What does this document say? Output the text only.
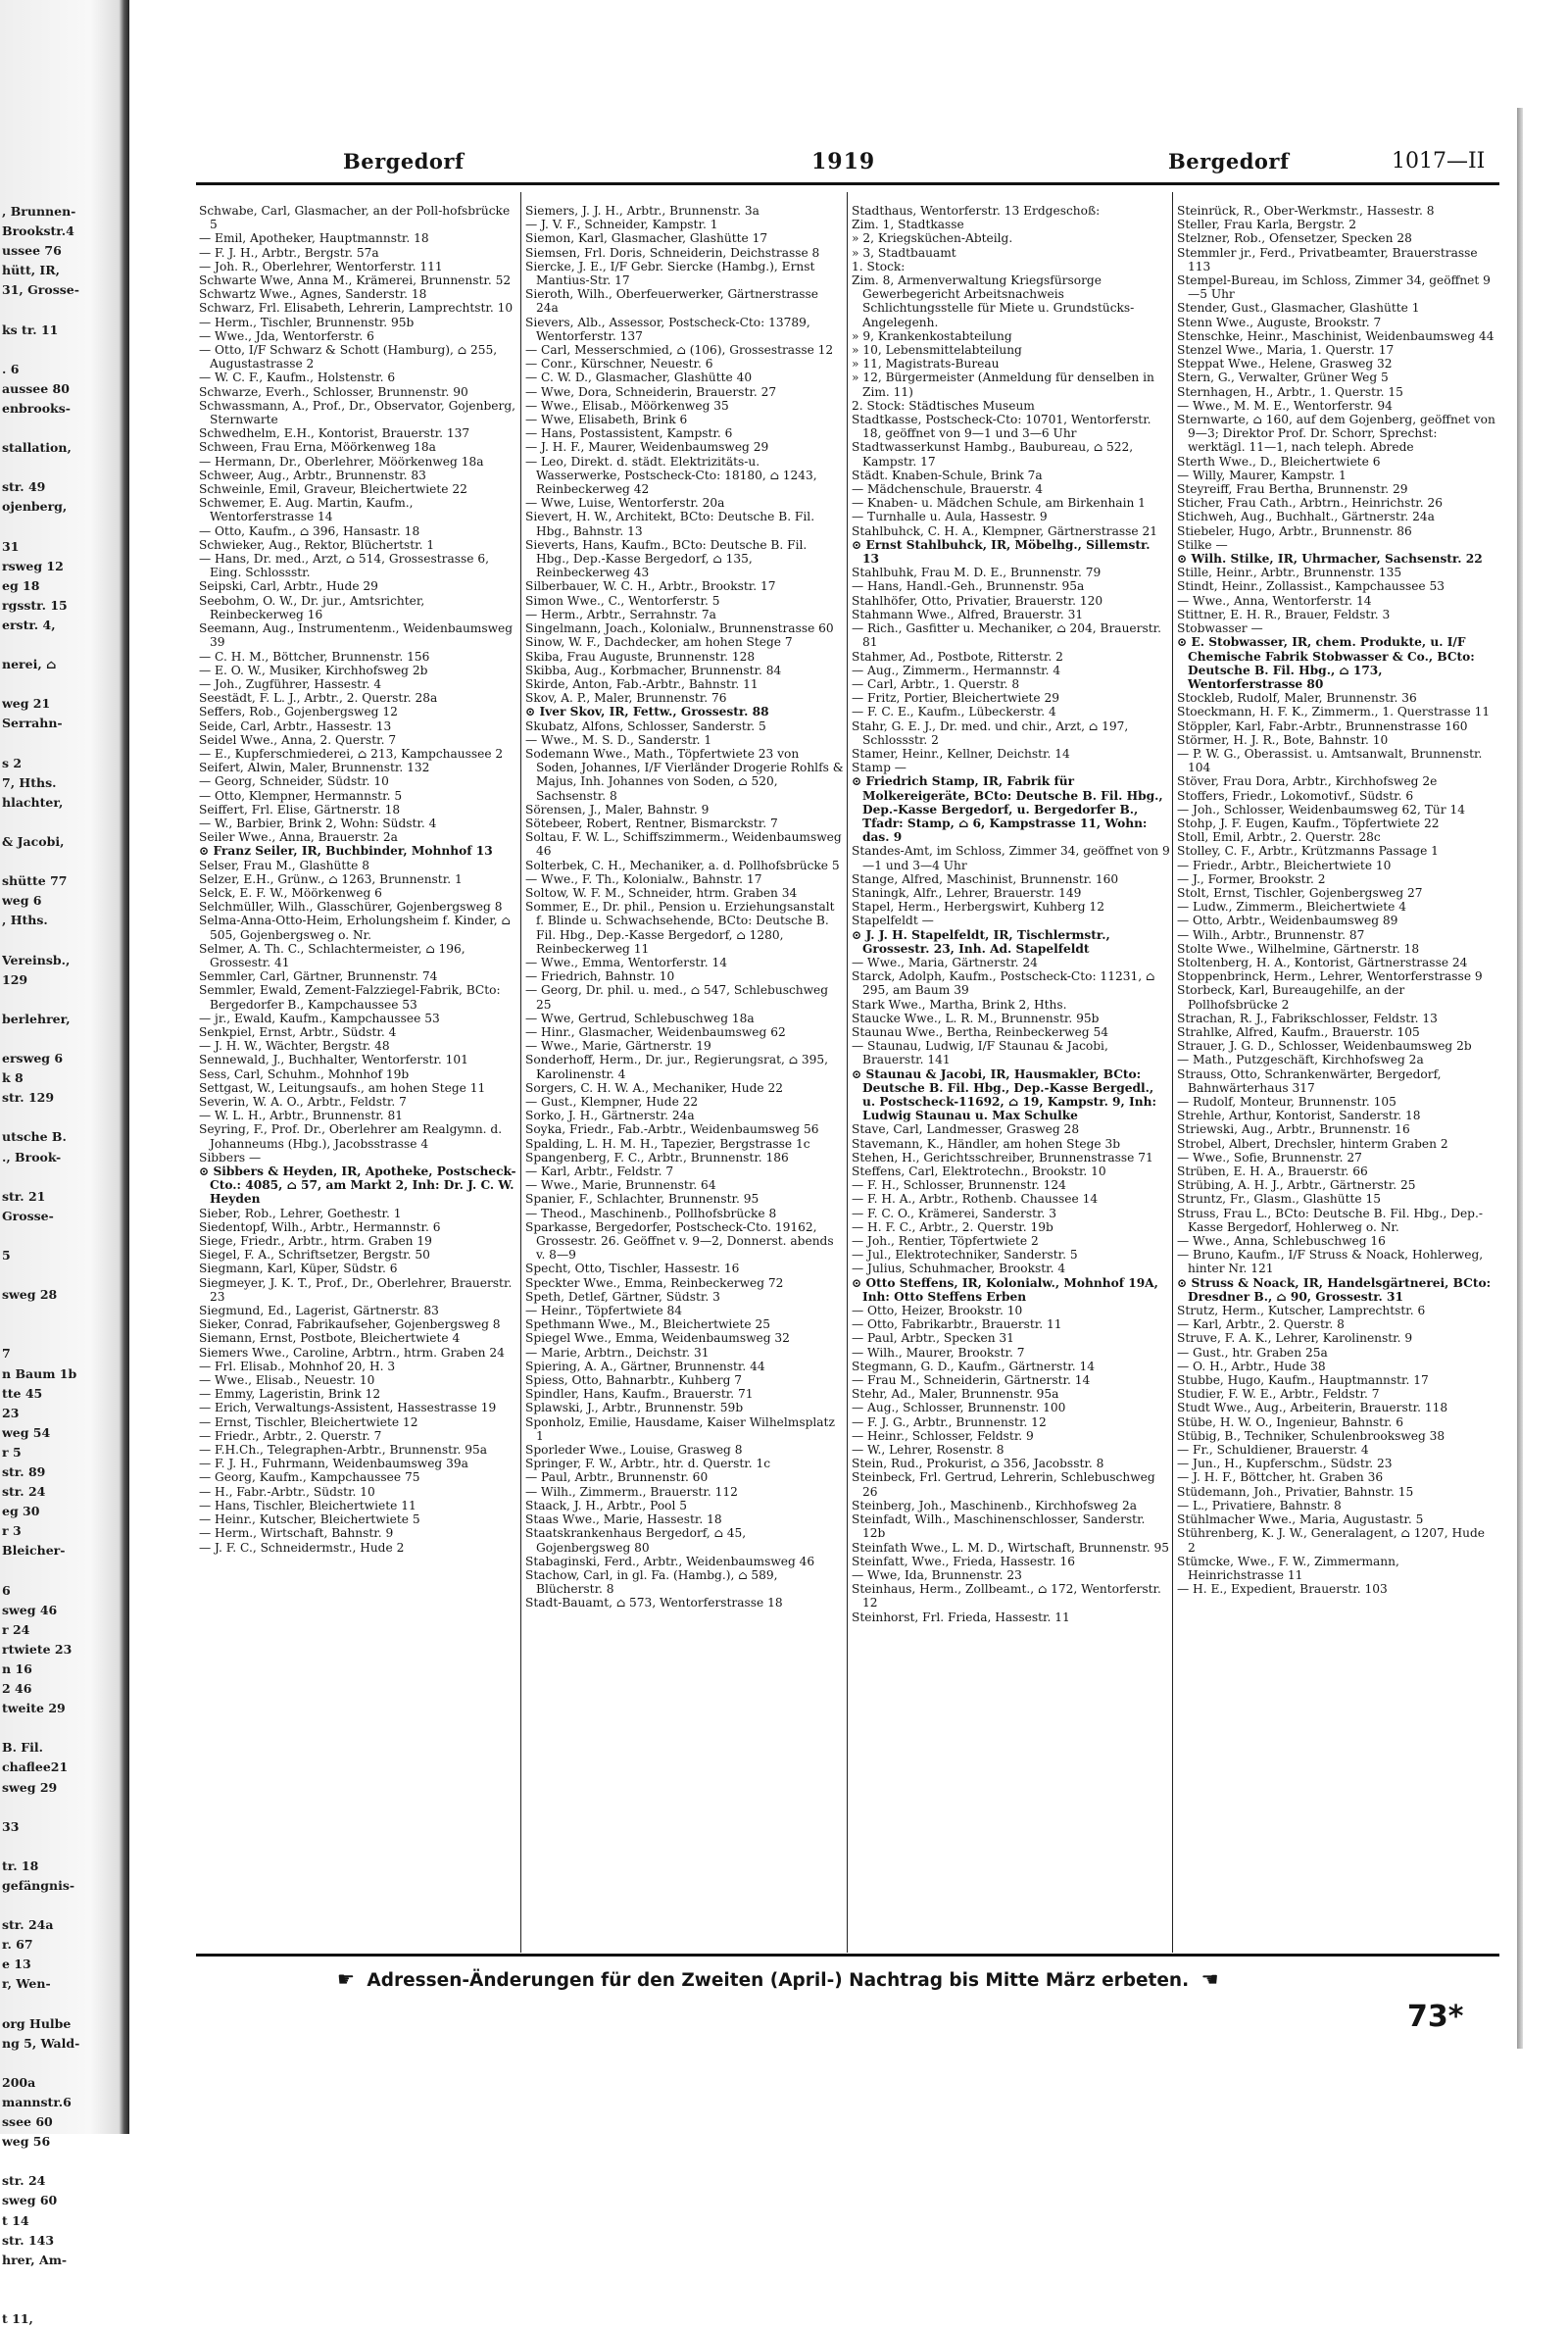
, Brunnen-
Brookstr.4
ussee 76
hütt, IR,
31, Grosse-
ks tr. 11
. 6
aussee 80
enbrooks-
stallation,
str. 49
ojenberg,
31
rsweg 12
eg 18
rgsstr. 15
erstr. 4,
nerei, ⌂
weg 21
Serrahn-
s 2
7, Hths.
hlachter,
& Jacobi,
shütte 77
weg 6
, Hths.
Vereinsb.,
129
berlehrer,
ersweg 6
k 8
str. 129
utsche B.
., Brook-
str. 21
Grosse-
5
sweg 28
7
n Baum 1b
tte 45
23
weg 54
r 5
str. 89
str. 24
eg 30
r 3
Bleicher-
6
sweg 46
r 24
rtwiete 23
n 16
2 46
tweite 29
B. Fil.
chaflee21
sweg 29
33
tr. 18
gefängnis-
str. 24a
r. 67
e 13
r, Wen-
org Hulbe
ng 5, Wald-
200a
mannstr.6
ssee 60
weg 56
str. 24
sweg 60
t 14
str. 143
hrer, Am-
t 11,
Bergedorf	1919	Bergedorf	1017—II
Schwabe, Carl, Glasmacher, an der Poll-hofsbrücke 5
— Emil, Apotheker, Hauptmannstr. 18
— F. J. H., Arbtr., Bergstr. 57a
— Joh. R., Oberlehrer, Wentorferstr. 111
Schwarte Wwe, Anna M., Krämerei, Brunnenstr. 52
Schwartz Wwe., Agnes, Sanderstr. 18
Schwarz, Frl. Elisabeth, Lehrerin, Lamprechtstr. 10
— Herm., Tischler, Brunnenstr. 95b
— Wwe., Jda, Wentorferstr. 6
— Otto, I/F Schwarz & Schott (Hamburg), ⌂ 255, Augustastrasse 2
— W. C. F., Kaufm., Holstenstr. 6
Schwarze, Everh., Schlosser, Brunnenstr. 90
Schwassmann, A., Prof., Dr., Observator, Gojenberg, Sternwarte
Schwedhelm, E.H., Kontorist, Brauerstr. 137
Schween, Frau Erna, Möörkenweg 18a
— Hermann, Dr., Oberlehrer, Möörkenweg 18a
Schweer, Aug., Arbtr., Brunnenstr. 83
Schweinle, Emil, Graveur, Bleichertwiete 22
Schwemer, E. Aug. Martin, Kaufm., Wentorferstrasse 14
— Otto, Kaufm., ⌂ 396, Hansastr. 18
Schwieker, Aug., Rektor, Blüchertstr. 1
— Hans, Dr. med., Arzt, ⌂ 514, Grossestrasse 6, Eing. Schlossstr.
Seipski, Carl, Arbtr., Hude 29
Seebohm, O. W., Dr. jur., Amtsrichter, Reinbeckerweg 16
Seemann, Aug., Instrumentenm., Weidenbaumsweg 39
— C. H. M., Böttcher, Brunnenstr. 156
— E. O. W., Musiker, Kirchhofsweg 2b
— Joh., Zugführer, Hassestr. 4
Seestädt, F. L. J., Arbtr., 2. Querstr. 28a
Seffers, Rob., Gojenbergsweg 12
Seide, Carl, Arbtr., Hassestr. 13
Seidel Wwe., Anna, 2. Querstr. 7
— E., Kupferschmiederei, ⌂ 213, Kampchaussee 2
Seifert, Alwin, Maler, Brunnenstr. 132
— Georg, Schneider, Südstr. 10
— Otto, Klempner, Hermannstr. 5
Seiffert, Frl. Elise, Gärtnerstr. 18
— W., Barbier, Brink 2, Wohn: Südstr. 4
Seiler Wwe., Anna, Brauerstr. 2a
⊙ Franz Seiler, IR, Buchbinder, Mohnhof 13
Selser, Frau M., Glashütte 8
Selzer, E.H., Grünw., ⌂ 1263, Brunnenstr. 1
Selck, E. F. W., Möörkenweg 6
Selchmüller, Wilh., Glasschürer, Gojenbergsweg 8
Selma-Anna-Otto-Heim, Erholungsheim f. Kinder, ⌂ 505, Gojenbergsweg o. Nr.
Selmer, A. Th. C., Schlachtermeister, ⌂ 196, Grossestr. 41
Semmler, Carl, Gärtner, Brunnenstr. 74
Semmler, Ewald, Zement-Falzziegel-Fabrik, BCto: Bergedorfer B., Kampchaussee 53
— jr., Ewald, Kaufm., Kampchaussee 53
Senkpiel, Ernst, Arbtr., Südstr. 4
— J. H. W., Wächter, Bergstr. 48
Sennewald, J., Buchhalter, Wentorferstr. 101
Sess, Carl, Schuhm., Mohnhof 19b
Settgast, W., Leitungsaufs., am hohen Stege 11
Severin, W. A. O., Arbtr., Feldstr. 7
— W. L. H., Arbtr., Brunnenstr. 81
Seyring, F., Prof. Dr., Oberlehrer am Realgymn. d. Johanneums (Hbg.), Jacobsstrasse 4
Sibbers —
⊙ Sibbers & Heyden, IR, Apotheke, Postscheck-Cto.: 4085, ⌂ 57, am Markt 2, Inh: Dr. J. C. W. Heyden
Sieber, Rob., Lehrer, Goethestr. 1
Siedentopf, Wilh., Arbtr., Hermannstr. 6
Siege, Friedr., Arbtr., htrm. Graben 19
Siegel, F. A., Schriftsetzer, Bergstr. 50
Siegmann, Karl, Küper, Südstr. 6
Siegmeyer, J. K. T., Prof., Dr., Oberlehrer, Brauerstr. 23
Siegmund, Ed., Lagerist, Gärtnerstr. 83
Sieker, Conrad, Fabrikaufseher, Gojenbergsweg 8
Siemann, Ernst, Postbote, Bleichertwiete 4
Siemers Wwe., Caroline, Arbtrn., htrm. Graben 24
— Frl. Elisab., Mohnhof 20, H. 3
— Wwe., Elisab., Neuestr. 10
— Emmy, Lageristin, Brink 12
— Erich, Verwaltungs-Assistent, Hassestrasse 19
— Ernst, Tischler, Bleichertwiete 12
— Friedr., Arbtr., 2. Querstr. 7
— F.H.Ch., Telegraphen-Arbtr., Brunnenstr. 95a
— F. J. H., Fuhrmann, Weidenbaumsweg 39a
— Georg, Kaufm., Kampchaussee 75
— H., Fabr.-Arbtr., Südstr. 10
— Hans, Tischler, Bleichertwiete 11
— Heinr., Kutscher, Bleichertwiete 5
— Herm., Wirtschaft, Bahnstr. 9
— J. F. C., Schneidermstr., Hude 2
Siemers, J. J. H., Arbtr., Brunnenstr. 3a
— J. V. F., Schneider, Kampstr. 1
Siemon, Karl, Glasmacher, Glashütte 17
Siemsen, Frl. Doris, Schneiderin, Deichstrasse 8
Siercke, J. E., I/F Gebr. Siercke (Hambg.), Ernst Mantius-Str. 17
Sieroth, Wilh., Oberfeuerwerker, Gärtnerstrasse 24a
Sievers, Alb., Assessor, Postscheck-Cto: 13789, Wentorferstr. 137
— Carl, Messerschmied, ⌂ (106), Grossestrasse 12
— Conr., Kürschner, Neuestr. 6
— C. W. D., Glasmacher, Glashütte 40
— Wwe, Dora, Schneiderin, Brauerstr. 27
— Wwe., Elisab., Möörkenweg 35
— Wwe, Elisabeth, Brink 6
— Hans, Postassistent, Kampstr. 6
— J. H. F., Maurer, Weidenbaumsweg 29
— Leo, Direkt. d. städt. Elektrizitäts-u. Wasserwerke, Postscheck-Cto: 18180, ⌂ 1243, Reinbeckerweg 42
— Wwe, Luise, Wentorferstr. 20a
Sievert, H. W., Architekt, BCto: Deutsche B. Fil. Hbg., Bahnstr. 13
Sieverts, Hans, Kaufm., BCto: Deutsche B. Fil. Hbg., Dep.-Kasse Bergedorf, ⌂ 135, Reinbeckerweg 43
Silberbauer, W. C. H., Arbtr., Brookstr. 17
Simon Wwe., C., Wentorferstr. 5
— Herm., Arbtr., Serrahnstr. 7a
Singelmann, Joach., Kolonialw., Brunnenstrasse 60
Sinow, W. F., Dachdecker, am hohen Stege 7
Skiba, Frau Auguste, Brunnenstr. 128
Skibba, Aug., Korbmacher, Brunnenstr. 84
Skirde, Anton, Fab.-Arbtr., Bahnstr. 11
Skov, A. P., Maler, Brunnenstr. 76
⊙ Iver Skov, IR, Fettw., Grossestr. 88
Skubatz, Alfons, Schlosser, Sanderstr. 5
— Wwe., M. S. D., Sanderstr. 1
Sodemann Wwe., Math., Töpfertwiete 23 von Soden, Johannes, I/F Vierländer Drogerie Rohlfs & Majus, Inh. Johannes von Soden, ⌂ 520, Sachsenstr. 8
Sörensen, J., Maler, Bahnstr. 9
Sötebeer, Robert, Rentner, Bismarckstr. 7
Soltau, F. W. L., Schiffszimmerm., Weidenbaumsweg 46
Solterbek, C. H., Mechaniker, a. d. Pollhofsbrücke 5
— Wwe., F. Th., Kolonialw., Bahnstr. 17
Soltow, W. F. M., Schneider, htrm. Graben 34
Sommer, E., Dr. phil., Pension u. Erziehungsanstalt f. Blinde u. Schwachsehende, BCto: Deutsche B. Fil. Hbg., Dep.-Kasse Bergedorf, ⌂ 1280, Reinbeckerweg 11
— Wwe., Emma, Wentorferstr. 14
— Friedrich, Bahnstr. 10
— Georg, Dr. phil. u. med., ⌂ 547, Schlebuschweg 25
— Wwe, Gertrud, Schlebuschweg 18a
— Hinr., Glasmacher, Weidenbaumsweg 62
— Wwe., Marie, Gärtnerstr. 19
Sonderhoff, Herm., Dr. jur., Regierungsrat, ⌂ 395, Karolinenstr. 4
Sorgers, C. H. W. A., Mechaniker, Hude 22
— Gust., Klempner, Hude 22
Sorko, J. H., Gärtnerstr. 24a
Soyka, Friedr., Fab.-Arbtr., Weidenbaumsweg 56
Spalding, L. H. M. H., Tapezier, Bergstrasse 1c
Spangenberg, F. C., Arbtr., Brunnenstr. 186
— Karl, Arbtr., Feldstr. 7
— Wwe., Marie, Brunnenstr. 64
Spanier, F., Schlachter, Brunnenstr. 95
— Theod., Maschinenb., Pollhofsbrücke 8
Sparkasse, Bergedorfer, Postscheck-Cto. 19162, Grossestr. 26. Geöffnet v. 9—2, Donnerst. abends v. 8—9
Specht, Otto, Tischler, Hassestr. 16
Speckter Wwe., Emma, Reinbeckerweg 72
Speth, Detlef, Gärtner, Südstr. 3
— Heinr., Töpfertwiete 84
Spethmann Wwe., M., Bleichertwiete 25
Spiegel Wwe., Emma, Weidenbaumsweg 32
— Marie, Arbtrn., Deichstr. 31
Spiering, A. A., Gärtner, Brunnenstr. 44
Spiess, Otto, Bahnarbtr., Kuhberg 7
Spindler, Hans, Kaufm., Brauerstr. 71
Splawski, J., Arbtr., Brunnenstr. 59b
Sponholz, Emilie, Hausdame, Kaiser Wilhelmsplatz 1
Sporleder Wwe., Louise, Grasweg 8
Springer, F. W., Arbtr., htr. d. Querstr. 1c
— Paul, Arbtr., Brunnenstr. 60
— Wilh., Zimmerm., Brauerstr. 112
Staack, J. H., Arbtr., Pool 5
Staas Wwe., Marie, Hassestr. 18
Staatskrankenhaus Bergedorf, ⌂ 45, Gojenbergsweg 80
Stabaginski, Ferd., Arbtr., Weidenbaumsweg 46
Stachow, Carl, in gl. Fa. (Hambg.), ⌂ 589, Blücherstr. 8
Stadt-Bauamt, ⌂ 573, Wentorferstrasse 18
Stadthaus, Wentorferstr. 13 Erdgeschoß:
Zim. 1, Stadtkasse
» 2, Kriegsküchen-Abteilg.
» 3, Stadtbauamt
1. Stock:
Zim. 8, Armenverwaltung Kriegsfürsorge Gewerbegericht Arbeitsnachweis Schlichtungsstelle für Miete u. Grundstücks-Angelegenh.
» 9, Krankenkostabteilung
» 10, Lebensmittelabteilung
» 11, Magistrats-Bureau
» 12, Bürgermeister (Anmeldung für denselben in Zim. 11)
2. Stock: Städtisches Museum
Stadtkasse, Postscheck-Cto: 10701, Wentorferstr. 18, geöffnet von 9—1 und 3—6 Uhr
Stadtwasserkunst Hambg., Baubureau, ⌂ 522, Kampstr. 17
Städt. Knaben-Schule, Brink 7a
— Mädchenschule, Brauerstr. 4
— Knaben- u. Mädchen Schule, am Birkenhain 1
— Turnhalle u. Aula, Hassestr. 9
Stahlbuhck, C. H. A., Klempner, Gärtnerstrasse 21
⊙ Ernst Stahlbuhck, IR, Möbelhg., Sillemstr. 13
Stahlbuhk, Frau M. D. E., Brunnenstr. 79
— Hans, Handl.-Geh., Brunnenstr. 95a
Stahlhöfer, Otto, Privatier, Brauerstr. 120
Stahmann Wwe., Alfred, Brauerstr. 31
— Rich., Gasfitter u. Mechaniker, ⌂ 204, Brauerstr. 81
Stahmer, Ad., Postbote, Ritterstr. 2
— Aug., Zimmerm., Hermannstr. 4
— Carl, Arbtr., 1. Querstr. 8
— Fritz, Portier, Bleichertwiete 29
— F. C. E., Kaufm., Lübeckerstr. 4
Stahr, G. E. J., Dr. med. und chir., Arzt, ⌂ 197, Schlossstr. 2
Stamer, Heinr., Kellner, Deichstr. 14
Stamp —
⊙ Friedrich Stamp, IR, Fabrik für Molkereigeräte, BCto: Deutsche B. Fil. Hbg., Dep.-Kasse Bergedorf, u. Bergedorfer B., Tfadr: Stamp, ⌂ 6, Kampstrasse 11, Wohn: das. 9
Standes-Amt, im Schloss, Zimmer 34, geöffnet von 9—1 und 3—4 Uhr
Stange, Alfred, Maschinist, Brunnenstr. 160
Staningk, Alfr., Lehrer, Brauerstr. 149
Stapel, Herm., Herbergswirt, Kuhberg 12
Stapelfeldt —
⊙ J. J. H. Stapelfeldt, IR, Tischlermstr., Grossestr. 23, Inh. Ad. Stapelfeldt
— Wwe., Maria, Gärtnerstr. 24
Starck, Adolph, Kaufm., Postscheck-Cto: 11231, ⌂ 295, am Baum 39
Stark Wwe., Martha, Brink 2, Hths.
Staucke Wwe., L. R. M., Brunnenstr. 95b
Staunau Wwe., Bertha, Reinbeckerweg 54
— Staunau, Ludwig, I/F Staunau & Jacobi, Brauerstr. 141
⊙ Staunau & Jacobi, IR, Hausmakler, BCto: Deutsche B. Fil. Hbg., Dep.-Kasse Bergedl., u. Postscheck-11692, ⌂ 19, Kampstr. 9, Inh: Ludwig Staunau u. Max Schulke
Stave, Carl, Landmesser, Grasweg 28
Stavemann, K., Händler, am hohen Stege 3b
Stehen, H., Gerichtsschreiber, Brunnenstrasse 71
Steffens, Carl, Elektrotechn., Brookstr. 10
— F. H., Schlosser, Brunnenstr. 124
— F. H. A., Arbtr., Rothenb. Chaussee 14
— F. C. O., Krämerei, Sanderstr. 3
— H. F. C., Arbtr., 2. Querstr. 19b
— Joh., Rentier, Töpfertwiete 2
— Jul., Elektrotechniker, Sanderstr. 5
— Julius, Schuhmacher, Brookstr. 4
⊙ Otto Steffens, IR, Kolonialw., Mohnhof 19A, Inh: Otto Steffens Erben
— Otto, Heizer, Brookstr. 10
— Otto, Fabrikarbtr., Brauerstr. 11
— Paul, Arbtr., Specken 31
— Wilh., Maurer, Brookstr. 7
Stegmann, G. D., Kaufm., Gärtnerstr. 14
— Frau M., Schneiderin, Gärtnerstr. 14
Stehr, Ad., Maler, Brunnenstr. 95a
— Aug., Schlosser, Brunnenstr. 100
— F. J. G., Arbtr., Brunnenstr. 12
— Heinr., Schlosser, Feldstr. 9
— W., Lehrer, Rosenstr. 8
Stein, Rud., Prokurist, ⌂ 356, Jacobsstr. 8
Steinbeck, Frl. Gertrud, Lehrerin, Schlebuschweg 26
Steinberg, Joh., Maschinenb., Kirchhofsweg 2a
Steinfadt, Wilh., Maschinenschlosser, Sanderstr. 12b
Steinfath Wwe., L. M. D., Wirtschaft, Brunnenstr. 95
Steinfatt, Wwe., Frieda, Hassestr. 16
— Wwe, Ida, Brunnenstr. 23
Steinhaus, Herm., Zollbeamt., ⌂ 172, Wentorferstr. 12
Steinhorst, Frl. Frieda, Hassestr. 11
Steinrück, R., Ober-Werkmstr., Hassestr. 8
Steller, Frau Karla, Bergstr. 2
Stelzner, Rob., Ofensetzer, Specken 28
Stemmler jr., Ferd., Privatbeamter, Brauerstrasse 113
Stempel-Bureau, im Schloss, Zimmer 34, geöffnet 9—5 Uhr
Stender, Gust., Glasmacher, Glashütte 1
Stenn Wwe., Auguste, Brookstr. 7
Stenschke, Heinr., Maschinist, Weidenbaumsweg 44
Stenzel Wwe., Maria, 1. Querstr. 17
Steppat Wwe., Helene, Grasweg 32
Stern, G., Verwalter, Grüner Weg 5
Sternhagen, H., Arbtr., 1. Querstr. 15
— Wwe., M. M. E., Wentorferstr. 94
Sternwarte, ⌂ 160, auf dem Gojenberg, geöffnet von 9—3; Direktor Prof. Dr. Schorr, Sprechst: werktägl. 11—1, nach teleph. Abrede
Sterth Wwe., D., Bleichertwiete 6
— Willy, Maurer, Kampstr. 1
Steyreiff, Frau Bertha, Brunnenstr. 29
Sticher, Frau Cath., Arbtrn., Heinrichstr. 26
Stichweh, Aug., Buchhalt., Gärtnerstr. 24a
Stiebeler, Hugo, Arbtr., Brunnenstr. 86
Stilke —
⊙ Wilh. Stilke, IR, Uhrmacher, Sachsenstr. 22
Stille, Heinr., Arbtr., Brunnenstr. 135
Stindt, Heinr., Zollassist., Kampchaussee 53
— Wwe., Anna, Wentorferstr. 14
Stittner, E. H. R., Brauer, Feldstr. 3
Stobwasser —
⊙ E. Stobwasser, IR, chem. Produkte, u. I/F Chemische Fabrik Stobwasser & Co., BCto: Deutsche B. Fil. Hbg., ⌂ 173, Wentorferstrasse 80
Stockleb, Rudolf, Maler, Brunnenstr. 36
Stoeckmann, H. F. K., Zimmerm., 1. Querstrasse 11
Stöppler, Karl, Fabr.-Arbtr., Brunnenstrasse 160
Störmer, H. J. R., Bote, Bahnstr. 10
— P. W. G., Oberassist. u. Amtsanwalt, Brunnenstr. 104
Stöver, Frau Dora, Arbtr., Kirchhofsweg 2e
Stoffers, Friedr., Lokomotivf., Südstr. 6
— Joh., Schlosser, Weidenbaumsweg 62, Tür 14
Stohp, J. F. Eugen, Kaufm., Töpfertwiete 22
Stoll, Emil, Arbtr., 2. Querstr. 28c
Stolley, C. F., Arbtr., Krützmanns Passage 1
— Friedr., Arbtr., Bleichertwiete 10
— J., Former, Brookstr. 2
Stolt, Ernst, Tischler, Gojenbergsweg 27
— Ludw., Zimmerm., Bleichertwiete 4
— Otto, Arbtr., Weidenbaumsweg 89
— Wilh., Arbtr., Brunnenstr. 87
Stolte Wwe., Wilhelmine, Gärtnerstr. 18
Stoltenberg, H. A., Kontorist, Gärtnerstrasse 24
Stoppenbrinck, Herm., Lehrer, Wentorferstrasse 9
Storbeck, Karl, Bureaugehilfe, an der Pollhofsbrücke 2
Strachan, R. J., Fabrikschlosser, Feldstr. 13
Strahlke, Alfred, Kaufm., Brauerstr. 105
Strauer, J. G. D., Schlosser, Weidenbaumsweg 2b
— Math., Putzgeschäft, Kirchhofsweg 2a
Strauss, Otto, Schrankenwärter, Bergedorf, Bahnwärterhaus 317
— Rudolf, Monteur, Brunnenstr. 105
Strehle, Arthur, Kontorist, Sanderstr. 18
Striewski, Aug., Arbtr., Brunnenstr. 16
Strobel, Albert, Drechsler, hinterm Graben 2
— Wwe., Sofie, Brunnenstr. 27
Strüben, E. H. A., Brauerstr. 66
Strübing, A. H. J., Arbtr., Gärtnerstr. 25
Struntz, Fr., Glasm., Glashütte 15
Struss, Frau L., BCto: Deutsche B. Fil. Hbg., Dep.-Kasse Bergedorf, Hohlerweg o. Nr.
— Wwe., Anna, Schlebuschweg 16
— Bruno, Kaufm., I/F Struss & Noack, Hohlerweg, hinter Nr. 121
⊙ Struss & Noack, IR, Handelsgärtnerei, BCto: Dresdner B., ⌂ 90, Grossestr. 31
Strutz, Herm., Kutscher, Lamprechtstr. 6
— Karl, Arbtr., 2. Querstr. 8
Struve, F. A. K., Lehrer, Karolinenstr. 9
— Gust., htr. Graben 25a
— O. H., Arbtr., Hude 38
Stubbe, Hugo, Kaufm., Hauptmannstr. 17
Studier, F. W. E., Arbtr., Feldstr. 7
Studt Wwe., Aug., Arbeiterin, Brauerstr. 118
Stübe, H. W. O., Ingenieur, Bahnstr. 6
Stübig, B., Techniker, Schulenbrooksweg 38
— Fr., Schuldiener, Brauerstr. 4
— Jun., H., Kupferschm., Südstr. 23
— J. H. F., Böttcher, ht. Graben 36
Stüdemann, Joh., Privatier, Bahnstr. 15
— L., Privatiere, Bahnstr. 8
Stühlmacher Wwe., Maria, Augustastr. 5
Stührenberg, K. J. W., Generalagent, ⌂ 1207, Hude 2
Stümcke, Wwe., F. W., Zimmermann, Heinrichstrasse 11
— H. E., Expedient, Brauerstr. 103
☛ Adressen-Änderungen für den Zweiten (April-) Nachtrag bis Mitte März erbeten. ☚
73*
